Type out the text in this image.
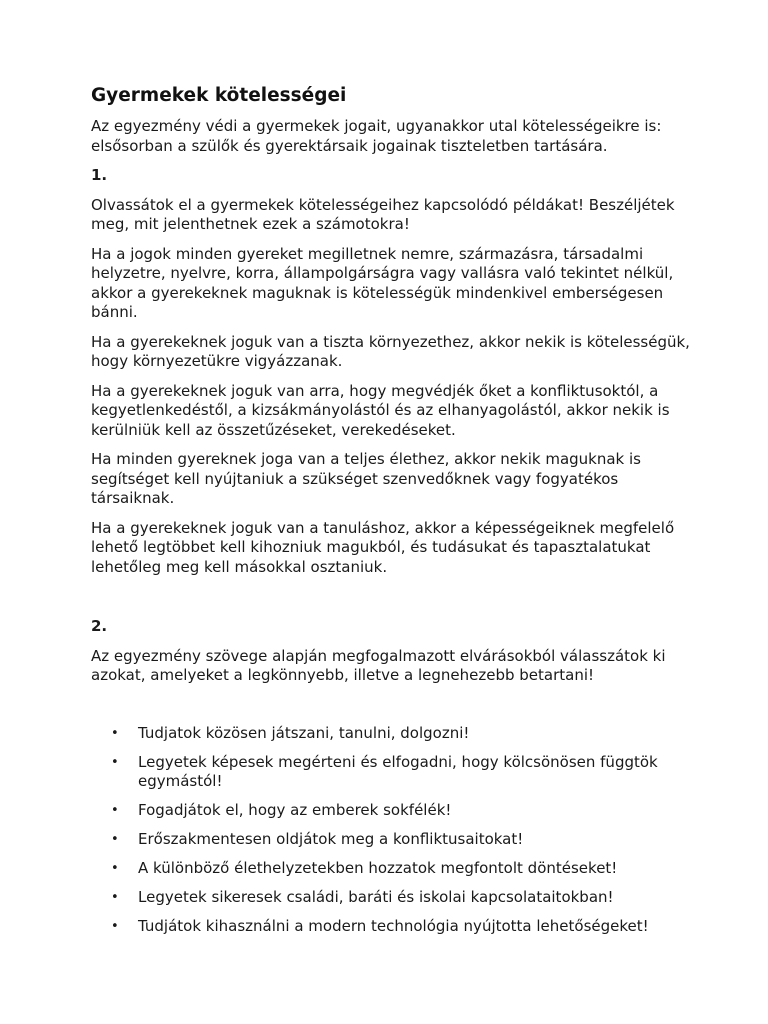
Gyermekek kötelességei

Az egyezmény védi a gyermekek jogait, ugyanakkor utal kötelességeikre is: elsősorban a szülők és gyerektársaik jogainak tiszteletben tartására.

1.

Olvassátok el a gyermekek kötelességeihez kapcsolódó példákat! Beszéljétek meg, mit jelenthetnek ezek a számotokra!

Ha a jogok minden gyereket megilletnek nemre, származásra, társadalmi helyzetre, nyelvre, korra, állampolgárságra vagy vallásra való tekintet nélkül, akkor a gyerekeknek maguknak is kötelességük mindenkivel emberségesen bánni.

Ha a gyerekeknek joguk van a tiszta környezethez, akkor nekik is kötelességük, hogy környezetükre vigyázzanak.

Ha a gyerekeknek joguk van arra, hogy megvédjék őket a konfliktusoktól, a kegyetlenkedéstől, a kizsákmányolástól és az elhanyagolástól, akkor nekik is kerülniük kell az összetűzéseket, verekedéseket.

Ha minden gyereknek joga van a teljes élethez, akkor nekik maguknak is segítséget kell nyújtaniuk a szükséget szenvedőknek vagy fogyatékos társaiknak.

Ha a gyerekeknek joguk van a tanuláshoz, akkor a képességeiknek megfelelő lehető legtöbbet kell kihozniuk magukból, és tudásukat és tapasztalatukat lehetőleg meg kell másokkal osztaniuk.

2.

Az egyezmény szövege alapján megfogalmazott elvárásokból válasszátok ki azokat, amelyeket a legkönnyebb, illetve a legnehezebb betartani!

• Tudjatok közösen játszani, tanulni, dolgozni!
• Legyetek képesek megérteni és elfogadni, hogy kölcsönösen függtök egymástól!
• Fogadjátok el, hogy az emberek sokfélék!
• Erőszakmentesen oldjátok meg a konfliktusaitokat!
• A különböző élethelyzetekben hozzatok megfontolt döntéseket!
• Legyetek sikeresek családi, baráti és iskolai kapcsolataitokban!
• Tudjátok kihasználni a modern technológia nyújtotta lehetőségeket!
